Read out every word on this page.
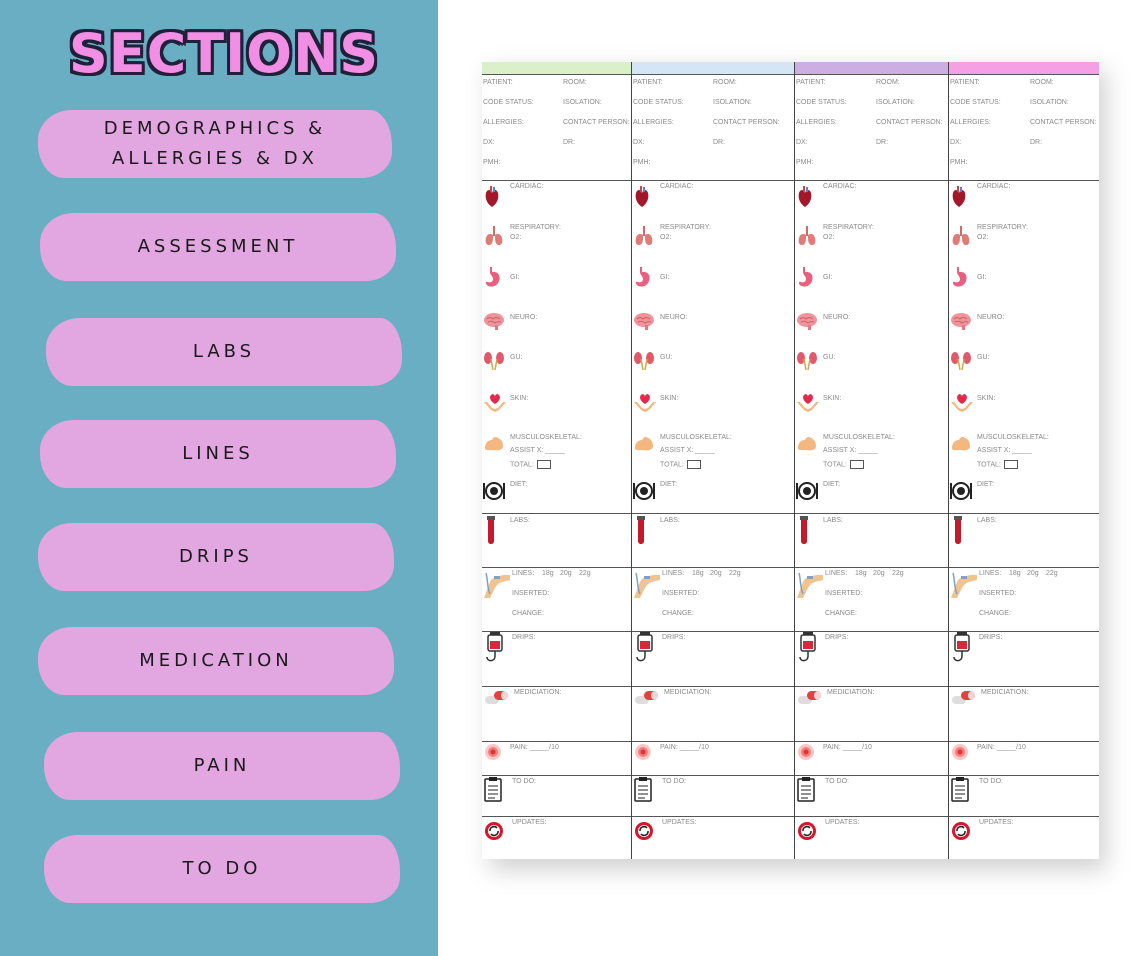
SECTIONS
DEMOGRAPHICS &
ALLERGIES & DX
ASSESSMENT
LABS
LINES
DRIPS
MEDICATION
PAIN
TO DO
PATIENT:	ROOM:
CODE STATUS:	ISOLATION:
ALLERGIES:	CONTACT PERSON:
DX:	DR:
PMH:
CARDIAC:
RESPIRATORY:
O2:
GI:
NEURO:
GU:
SKIN:
MUSCULOSKELETAL:
ASSIST X: _____
TOTAL:
DIET:
LABS:
LINES: 18g 20g 22g
INSERTED:
CHANGE:
DRIPS:
MEDICIATION:
PAIN: _____/10
TO DO:
UPDATES:
PATIENT:	ROOM:
CODE STATUS:	ISOLATION:
ALLERGIES:	CONTACT PERSON:
DX:	DR:
PMH:
CARDIAC:
RESPIRATORY:
O2:
GI:
NEURO:
GU:
SKIN:
MUSCULOSKELETAL:
ASSIST X: _____
TOTAL:
DIET:
LABS:
LINES: 18g 20g 22g
INSERTED:
CHANGE:
DRIPS:
MEDICIATION:
PAIN: _____/10
TO DO:
UPDATES:
PATIENT:	ROOM:
CODE STATUS:	ISOLATION:
ALLERGIES:	CONTACT PERSON:
DX:	DR:
PMH:
CARDIAC:
RESPIRATORY:
O2:
GI:
NEURO:
GU:
SKIN:
MUSCULOSKELETAL:
ASSIST X: _____
TOTAL:
DIET:
LABS:
LINES: 18g 20g 22g
INSERTED:
CHANGE:
DRIPS:
MEDICIATION:
PAIN: _____/10
TO DO:
UPDATES:
PATIENT:	ROOM:
CODE STATUS:	ISOLATION:
ALLERGIES:	CONTACT PERSON:
DX:	DR:
PMH:
CARDIAC:
RESPIRATORY:
O2:
GI:
NEURO:
GU:
SKIN:
MUSCULOSKELETAL:
ASSIST X: _____
TOTAL:
DIET:
LABS:
LINES: 18g 20g 22g
INSERTED:
CHANGE:
DRIPS:
MEDICIATION:
PAIN: _____/10
TO DO:
UPDATES:
